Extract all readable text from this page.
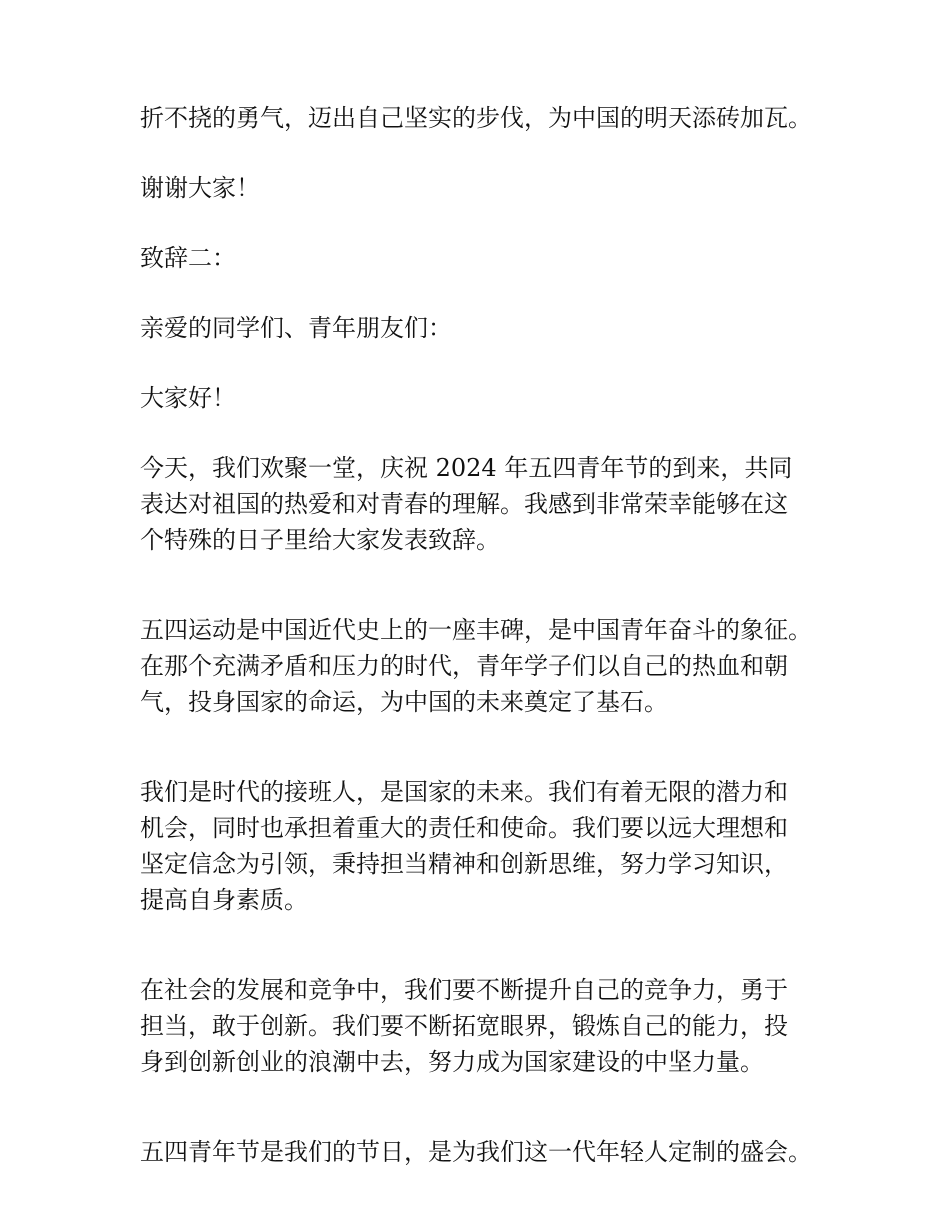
折不挠的勇气，迈出自己坚实的步伐，为中国的明天添砖加瓦。

谢谢大家！

致辞二：

亲爱的同学们、青年朋友们：

大家好！

今天，我们欢聚一堂，庆祝 2024 年五四青年节的到来，共同
表达对祖国的热爱和对青春的理解。我感到非常荣幸能够在这
个特殊的日子里给大家发表致辞。

五四运动是中国近代史上的一座丰碑，是中国青年奋斗的象征。
在那个充满矛盾和压力的时代，青年学子们以自己的热血和朝
气，投身国家的命运，为中国的未来奠定了基石。

我们是时代的接班人，是国家的未来。我们有着无限的潜力和
机会，同时也承担着重大的责任和使命。我们要以远大理想和
坚定信念为引领，秉持担当精神和创新思维，努力学习知识，
提高自身素质。

在社会的发展和竞争中，我们要不断提升自己的竞争力，勇于
担当，敢于创新。我们要不断拓宽眼界，锻炼自己的能力，投
身到创新创业的浪潮中去，努力成为国家建设的中坚力量。

五四青年节是我们的节日，是为我们这一代年轻人定制的盛会。
